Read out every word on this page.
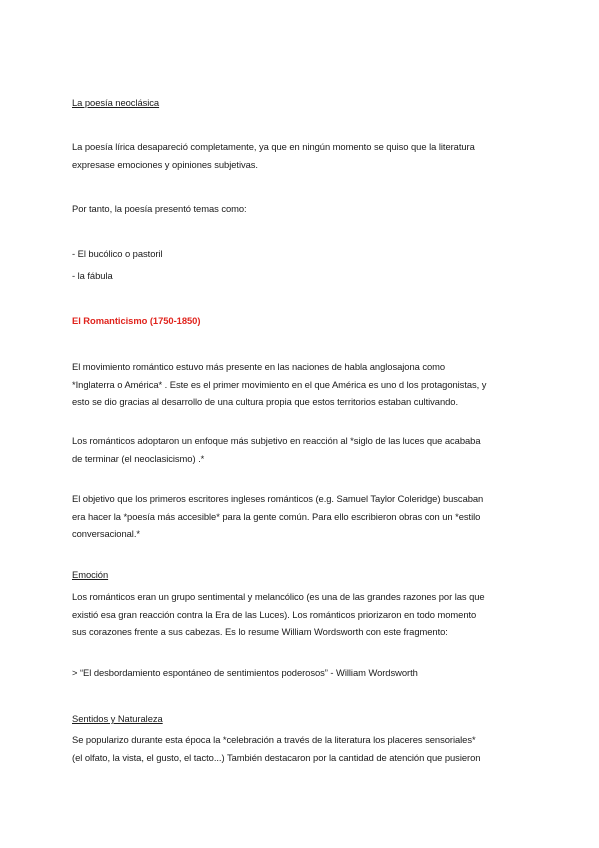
La poesía neoclásica

La poesía lírica desapareció completamente, ya que en ningún momento se quiso que la literatura
expresase emociones y opiniones subjetivas.

Por tanto, la poesía presentó temas como:

- El bucólico o pastoril

- la fábula

El Romanticismo (1750-1850)

El movimiento romántico estuvo más presente en las naciones de habla anglosajona como
*Inglaterra o América* . Este es el primer movimiento en el que América es uno d los protagonistas, y
esto se dio gracias al desarrollo de una cultura propia que estos territorios estaban cultivando.

Los románticos adoptaron un enfoque más subjetivo en reacción al *siglo de las luces que acababa
de terminar (el neoclasicismo) .*

El objetivo que los primeros escritores ingleses románticos (e.g. Samuel Taylor Coleridge) buscaban
era hacer la *poesía más accesible* para la gente común. Para ello escribieron obras con un *estilo
conversacional.*

Emoción

Los románticos eran un grupo sentimental y melancólico (es una de las grandes razones por las que
existió esa gran reacción contra la Era de las Luces). Los románticos priorizaron en todo momento
sus corazones frente a sus cabezas. Es lo resume William Wordsworth con este fragmento:

> “El desbordamiento espontáneo de sentimientos poderosos” - William Wordsworth

Sentidos y Naturaleza

Se popularizo durante esta época la *celebración a través de la literatura los placeres sensoriales*
(el olfato, la vista, el gusto, el tacto...) También destacaron por la cantidad de atención que pusieron
